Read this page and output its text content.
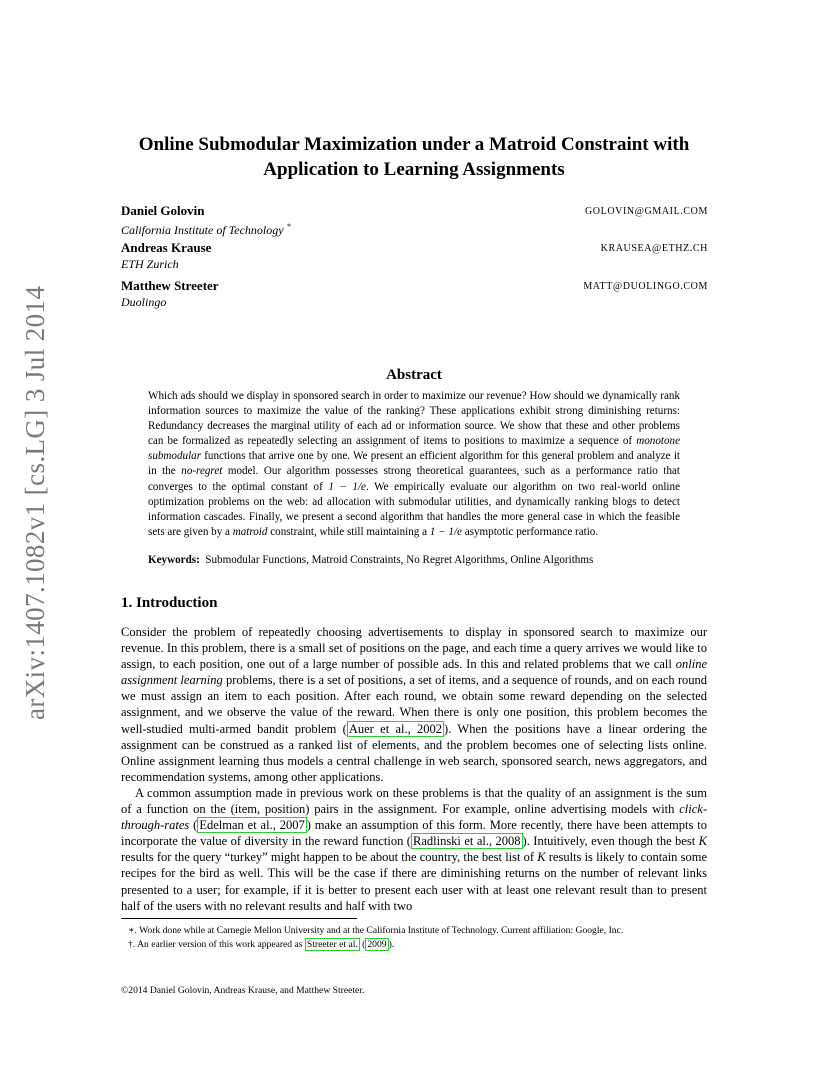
arXiv:1407.1082v1 [cs.LG] 3 Jul 2014
Online Submodular Maximization under a Matroid Constraint with
Application to Learning Assignments
Daniel Golovin
California Institute of Technology *
GOLOVIN@GMAIL.COM
Andreas Krause
ETH Zurich
KRAUSEA@ETHZ.CH
Matthew Streeter
Duolingo
MATT@DUOLINGO.COM
Abstract

Which ads should we display in sponsored search in order to maximize our revenue? How should we dynamically rank information sources to maximize the value of the ranking? These applications exhibit strong diminishing returns: Redundancy decreases the marginal utility of each ad or information source. We show that these and other problems can be formalized as repeatedly selecting an assignment of items to positions to maximize a sequence of monotone submodular functions that arrive one by one. We present an efficient algorithm for this general problem and analyze it in the no-regret model. Our algorithm possesses strong theoretical guarantees, such as a performance ratio that converges to the optimal constant of 1 − 1/e. We empirically evaluate our algorithm on two real-world online optimization problems on the web: ad allocation with submodular utilities, and dynamically ranking blogs to detect information cascades. Finally, we present a second algorithm that handles the more general case in which the feasible sets are given by a matroid constraint, while still maintaining a 1 − 1/e asymptotic performance ratio.

Keywords: Submodular Functions, Matroid Constraints, No Regret Algorithms, Online Algorithms
1. Introduction

Consider the problem of repeatedly choosing advertisements to display in sponsored search to maximize our revenue. In this problem, there is a small set of positions on the page, and each time a query arrives we would like to assign, to each position, one out of a large number of possible ads. In this and related problems that we call online assignment learning problems, there is a set of positions, a set of items, and a sequence of rounds, and on each round we must assign an item to each position. After each round, we obtain some reward depending on the selected assignment, and we observe the value of the reward. When there is only one position, this problem becomes the well-studied multi-armed bandit problem ( Auer et al., 2002 ). When the positions have a linear ordering the assignment can be construed as a ranked list of elements, and the problem becomes one of selecting lists online. Online assignment learning thus models a central challenge in web search, sponsored search, news aggregators, and recommendation systems, among other applications.

A common assumption made in previous work on these problems is that the quality of an assignment is the sum of a function on the (item, position) pairs in the assignment. For example, online advertising models with click-through-rates ( Edelman et al., 2007 ) make an assumption of this form. More recently, there have been attempts to incorporate the value of diversity in the reward function ( Radlinski et al., 2008 ). Intuitively, even though the best K results for the query “turkey” might happen to be about the country, the best list of K results is likely to contain some recipes for the bird as well. This will be the case if there are diminishing returns on the number of relevant links presented to a user; for example, if it is better to present each user with at least one relevant result than to present half of the users with no relevant results and half with two

∗. Work done while at Carnegie Mellon University and at the California Institute of Technology. Current affiliation: Google, Inc.
†. An earlier version of this work appeared as Streeter et al. ( 2009 ).
©2014 Daniel Golovin, Andreas Krause, and Matthew Streeter.
